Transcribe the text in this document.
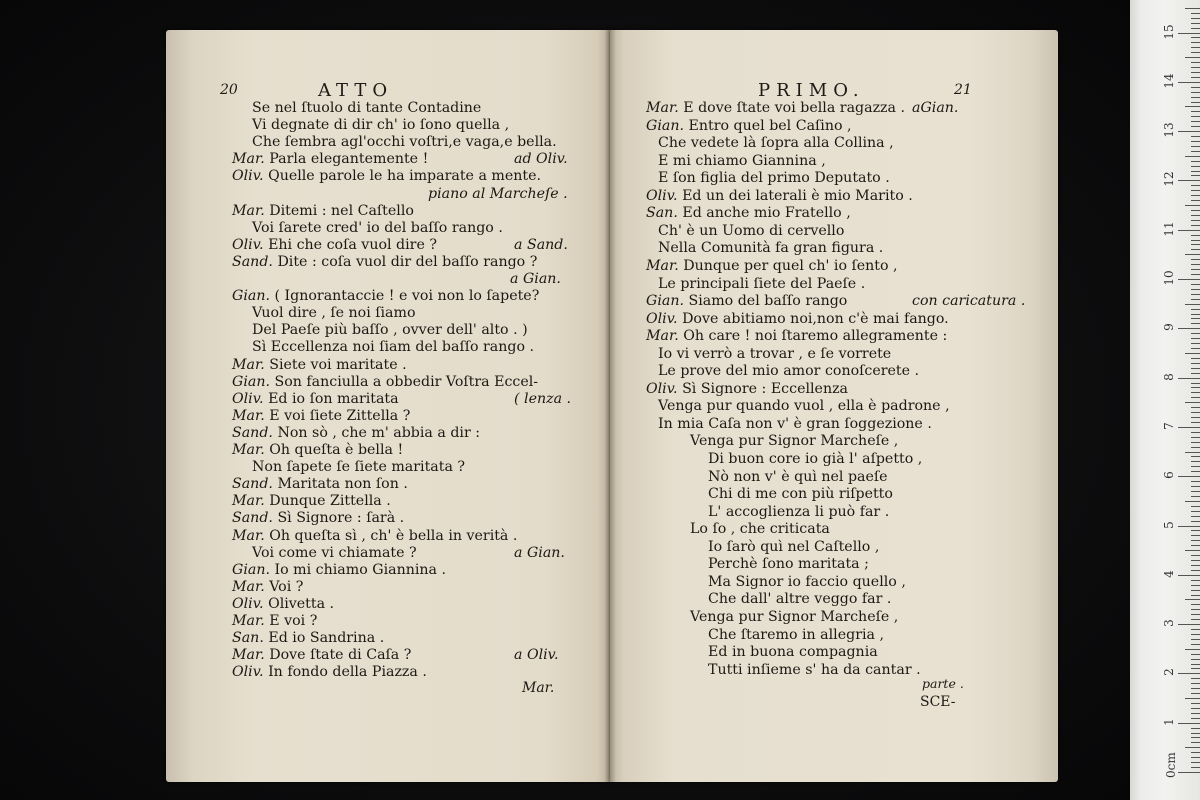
20	ATTO
Se nel ſtuolo di tante Contadine
Vi degnate di dir ch' io ſono quella ,
Che ſembra agl'occhi voſtri,e vaga,e bella.
Mar. Parla elegantemente !	ad Oliv.
Oliv. Quelle parole le ha imparate a mente.
piano al Marcheſe .
Mar. Ditemi : nel Caſtello
Voi ſarete cred' io del baſſo rango .
Oliv. Ehi che coſa vuol dire ?	a Sand.
Sand. Dite : coſa vuol dir del baſſo rango ?
a Gian.
Gian. ( Ignorantaccie ! e voi non lo ſapete?
Vuol dire , ſe noi ſiamo
Del Paeſe più baſſo , ovver dell' alto . )
Sì Eccellenza noi ſiam del baſſo rango .
Mar. Siete voi maritate .
Gian. Son fanciulla a obbedir Voſtra Eccel-
Oliv. Ed io ſon maritata	( lenza .
Mar. E voi ſiete Zittella ?
Sand. Non sò , che m' abbia a dir :
Mar. Oh queſta è bella !
Non ſapete ſe ſiete maritata ?
Sand. Maritata non ſon .
Mar. Dunque Zittella .
Sand. Sì Signore : ſarà .
Mar. Oh queſta sì , ch' è bella in verità .
Voi come vi chiamate ?	a Gian.
Gian. Io mi chiamo Giannina .
Mar. Voi ?
Oliv. Olivetta .
Mar. E voi ?
San. Ed io Sandrina .
Mar. Dove ſtate di Caſa ?	a Oliv.
Oliv. In fondo della Piazza .
Mar.
PRIMO.	21
Mar. E dove ſtate voi bella ragazza . aGian.
Gian. Entro quel bel Caſino ,
Che vedete là ſopra alla Collina ,
E mi chiamo Giannina ,
E ſon figlia del primo Deputato .
Oliv. Ed un dei laterali è mio Marito .
San. Ed anche mio Fratello ,
Ch' è un Uomo di cervello
Nella Comunità fa gran figura .
Mar. Dunque per quel ch' io ſento ,
Le principali ſiete del Paeſe .
Gian. Siamo del baſſo rango	con caricatura .
Oliv. Dove abitiamo noi,non c'è mai fango.
Mar. Oh care ! noi ſtaremo allegramente :
Io vi verrò a trovar , e ſe vorrete
Le prove del mio amor conoſcerete .
Oliv. Sì Signore : Eccellenza
Venga pur quando vuol , ella è padrone ,
In mia Caſa non v' è gran ſoggezione .
Venga pur Signor Marcheſe ,
Di buon core io già l' aſpetto ,
Nò non v' è quì nel paeſe
Chi di me con più riſpetto
L' accoglienza li può far .
Lo ſo , che criticata
Io ſarò quì nel Caſtello ,
Perchè ſono maritata ;
Ma Signor io faccio quello ,
Che dall' altre veggo far .
Venga pur Signor Marcheſe ,
Che ſtaremo in allegria ,
Ed in buona compagnia
Tutti inſieme s' ha da cantar .
parte .
SCE-
0cm
1
2
3
4
5
6
7
8
9
10
11
12
13
14
15
